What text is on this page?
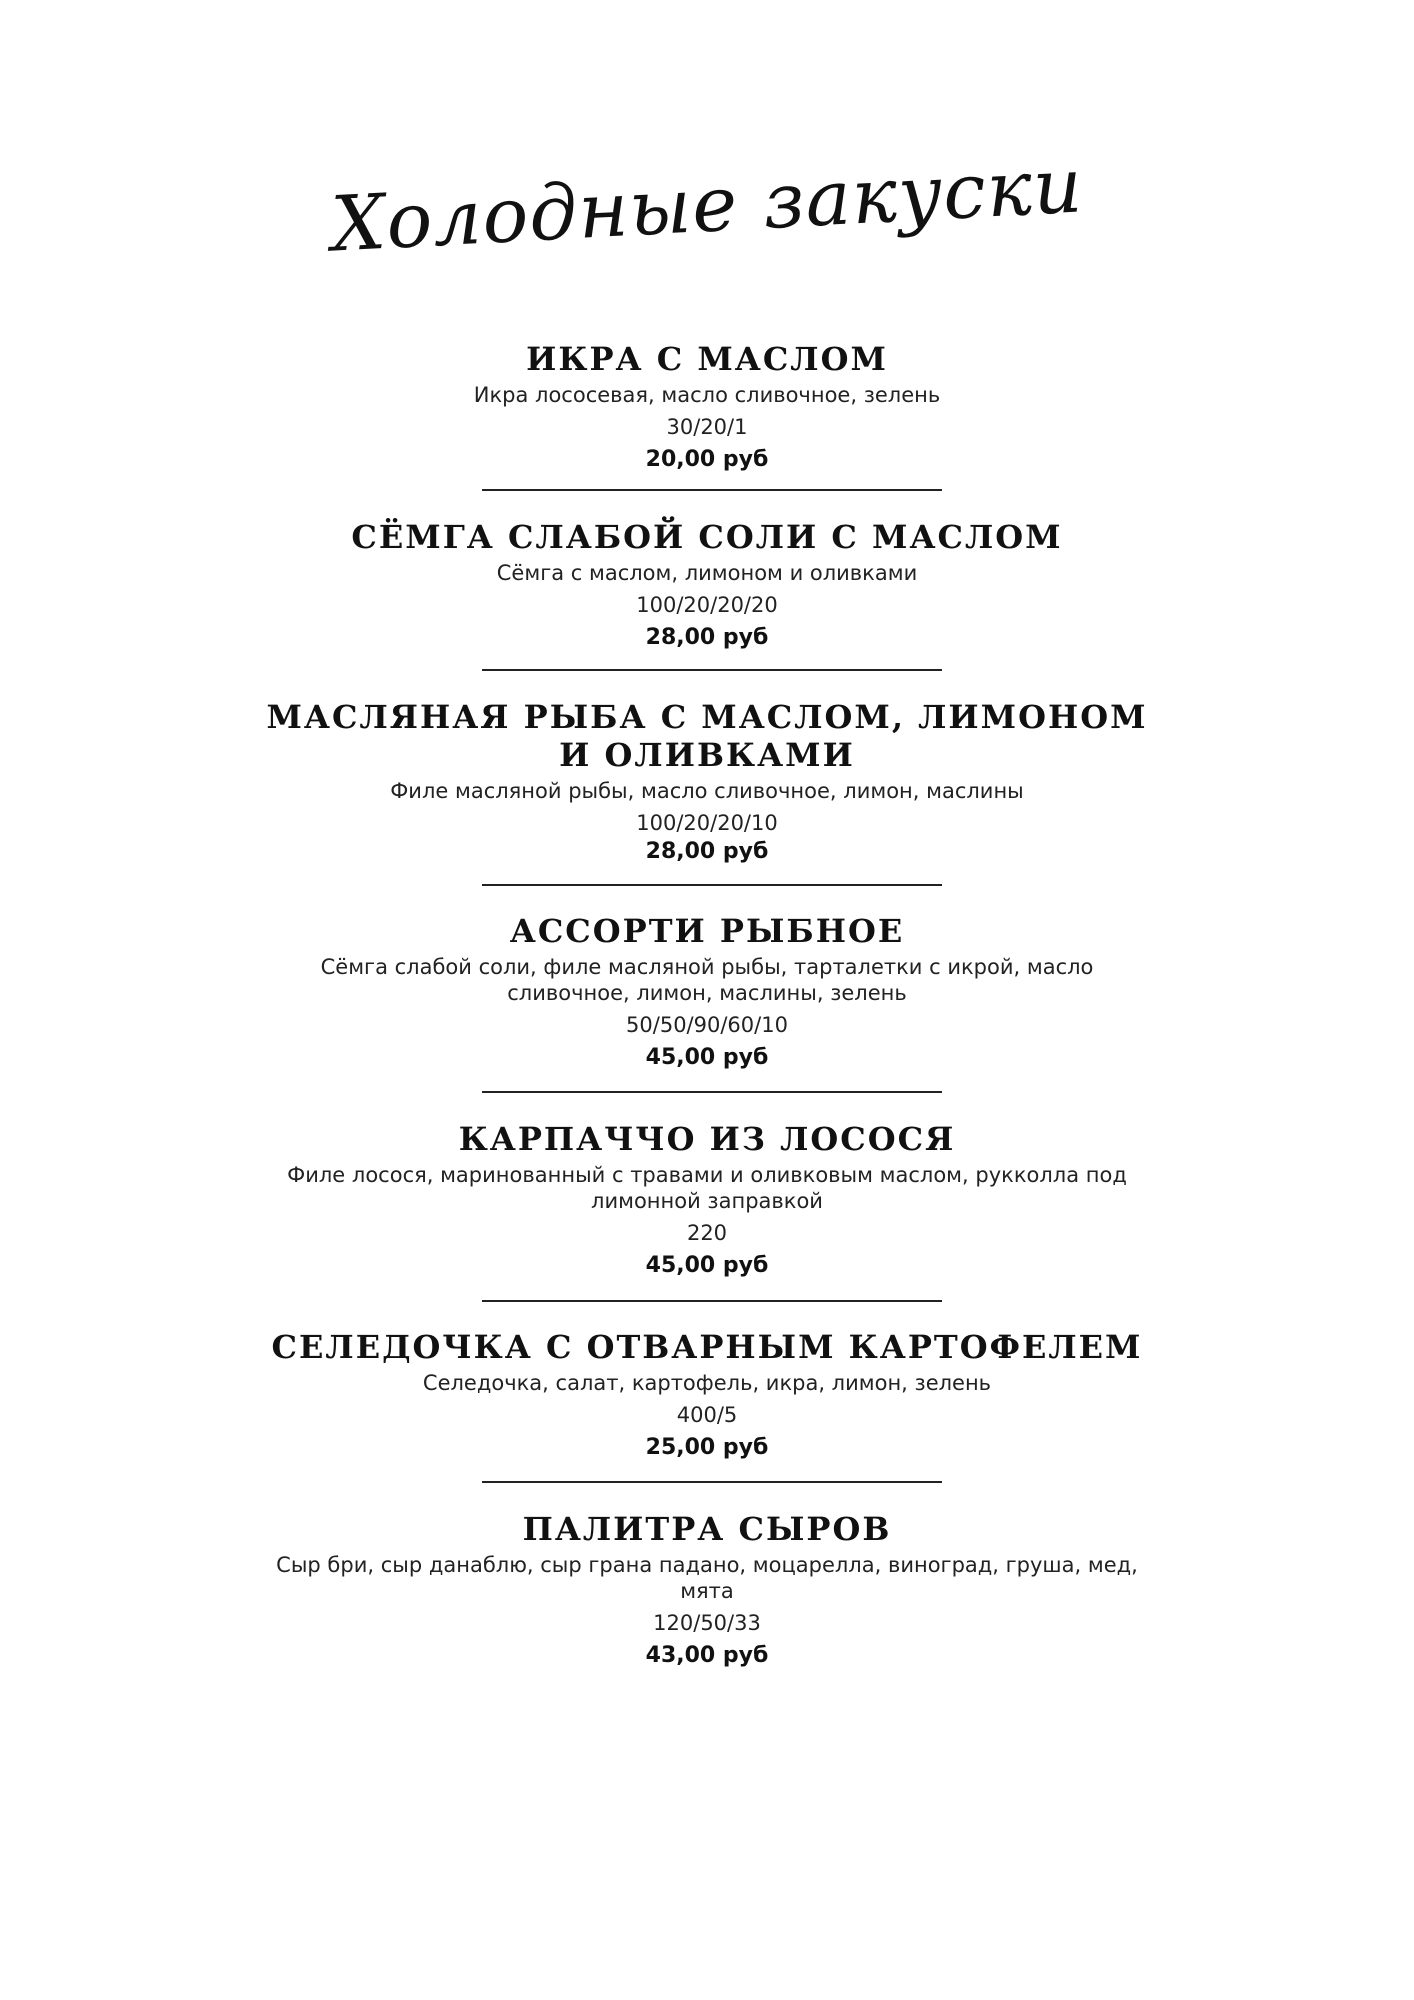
Холодные закуски
ИКРА С МАСЛОМ
Икра лососевая, масло сливочное, зелень
30/20/1
20,00 руб
СЁМГА СЛАБОЙ СОЛИ С МАСЛОМ
Сёмга с маслом, лимоном и оливками
100/20/20/20
28,00 руб
МАСЛЯНАЯ РЫБА С МАСЛОМ, ЛИМОНОМ И ОЛИВКАМИ
Филе масляной рыбы, масло сливочное, лимон, маслины
100/20/20/10
28,00 руб
АССОРТИ РЫБНОЕ
Сёмга слабой соли, филе масляной рыбы, тарталетки с икрой, масло сливочное, лимон, маслины, зелень
50/50/90/60/10
45,00 руб
КАРПАЧЧО ИЗ ЛОСОСЯ
Филе лосося, маринованный с травами и оливковым маслом, рукколла под лимонной заправкой
220
45,00 руб
СЕЛЕДОЧКА С ОТВАРНЫМ КАРТОФЕЛЕМ
Селедочка, салат, картофель, икра, лимон, зелень
400/5
25,00 руб
ПАЛИТРА СЫРОВ
Сыр бри, сыр данаблю, сыр грана падано, моцарелла, виноград, груша, мед, мята
120/50/33
43,00 руб
